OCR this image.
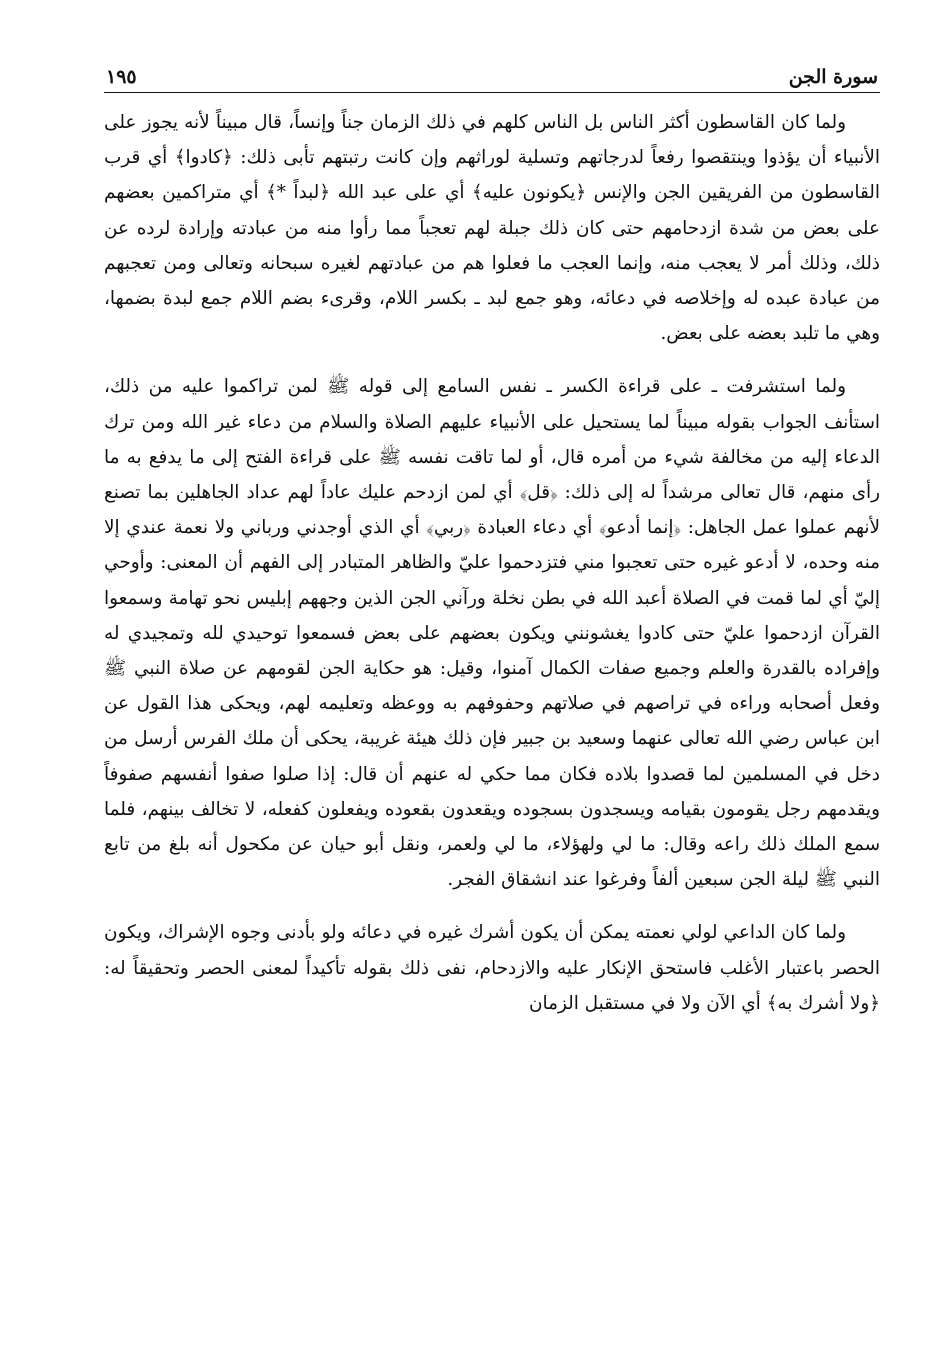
سورة الجن
١٩٥

ولما كان القاسطون أكثر الناس بل الناس كلهم في ذلك الزمان جناً وإنساً، قال مبيناً لأنه يجوز على الأنبياء أن يؤذوا وينتقصوا رفعاً لدرجاتهم وتسلية لوراثهم وإن كانت رتبتهم تأبى ذلك: ﴿كادوا﴾ أي قرب القاسطون من الفريقين الجن والإنس ﴿يكونون عليه﴾ أي على عبد الله ﴿لبداً *﴾ أي متراكمين بعضهم على بعض من شدة ازدحامهم حتى كان ذلك جبلة لهم تعجباً مما رأوا منه من عبادته وإرادة لرده عن ذلك، وذلك أمر لا يعجب منه، وإنما العجب ما فعلوا هم من عبادتهم لغيره سبحانه وتعالى ومن تعجبهم من عبادة عبده له وإخلاصه في دعائه، وهو جمع لبد ـ بكسر اللام، وقرىء بضم اللام جمع لبدة بضمها، وهي ما تلبد بعضه على بعض.

ولما استشرفت ـ على قراءة الكسر ـ نفس السامع إلى قوله ﷺ لمن تراكموا عليه من ذلك، استأنف الجواب بقوله مبيناً لما يستحيل على الأنبياء عليهم الصلاة والسلام من دعاء غير الله ومن ترك الدعاء إليه من مخالفة شيء من أمره قال، أو لما تاقت نفسه ﷺ على قراءة الفتح إلى ما يدفع به ما رأى منهم، قال تعالى مرشداً له إلى ذلك: ﴿قل﴾ أي لمن ازدحم عليك عاداً لهم عداد الجاهلين بما تصنع لأنهم عملوا عمل الجاهل: ﴿إنما أدعو﴾ أي دعاء العبادة ﴿ربي﴾ أي الذي أوجدني ورباني ولا نعمة عندي إلا منه وحده، لا أدعو غيره حتى تعجبوا مني فتزدحموا عليّ والظاهر المتبادر إلى الفهم أن المعنى: وأوحي إليّ أي لما قمت في الصلاة أعبد الله في بطن نخلة ورآني الجن الذين وجههم إبليس نحو تهامة وسمعوا القرآن ازدحموا عليّ حتى كادوا يغشونني ويكون بعضهم على بعض فسمعوا توحيدي لله وتمجيدي له وإفراده بالقدرة والعلم وجميع صفات الكمال آمنوا، وقيل: هو حكاية الجن لقومهم عن صلاة النبي ﷺ وفعل أصحابه وراءه في تراصهم في صلاتهم وحفوفهم به ووعظه وتعليمه لهم، ويحكى هذا القول عن ابن عباس رضي الله تعالى عنهما وسعيد بن جبير فإن ذلك هيئة غريبة، يحكى أن ملك الفرس أرسل من دخل في المسلمين لما قصدوا بلاده فكان مما حكي له عنهم أن قال: إذا صلوا صفوا أنفسهم صفوفاً ويقدمهم رجل يقومون بقيامه ويسجدون بسجوده ويقعدون بقعوده ويفعلون كفعله، لا تخالف بينهم، فلما سمع الملك ذلك راعه وقال: ما لي ولهؤلاء، ما لي ولعمر، ونقل أبو حيان عن مكحول أنه بلغ من تابع النبي ﷺ ليلة الجن سبعين ألفاً وفرغوا عند انشقاق الفجر.

ولما كان الداعي لولي نعمته يمكن أن يكون أشرك غيره في دعائه ولو بأدنى وجوه الإشراك، ويكون الحصر باعتبار الأغلب فاستحق الإنكار عليه والازدحام، نفى ذلك بقوله تأكيداً لمعنى الحصر وتحقيقاً له: ﴿ولا أشرك به﴾ أي الآن ولا في مستقبل الزمان
